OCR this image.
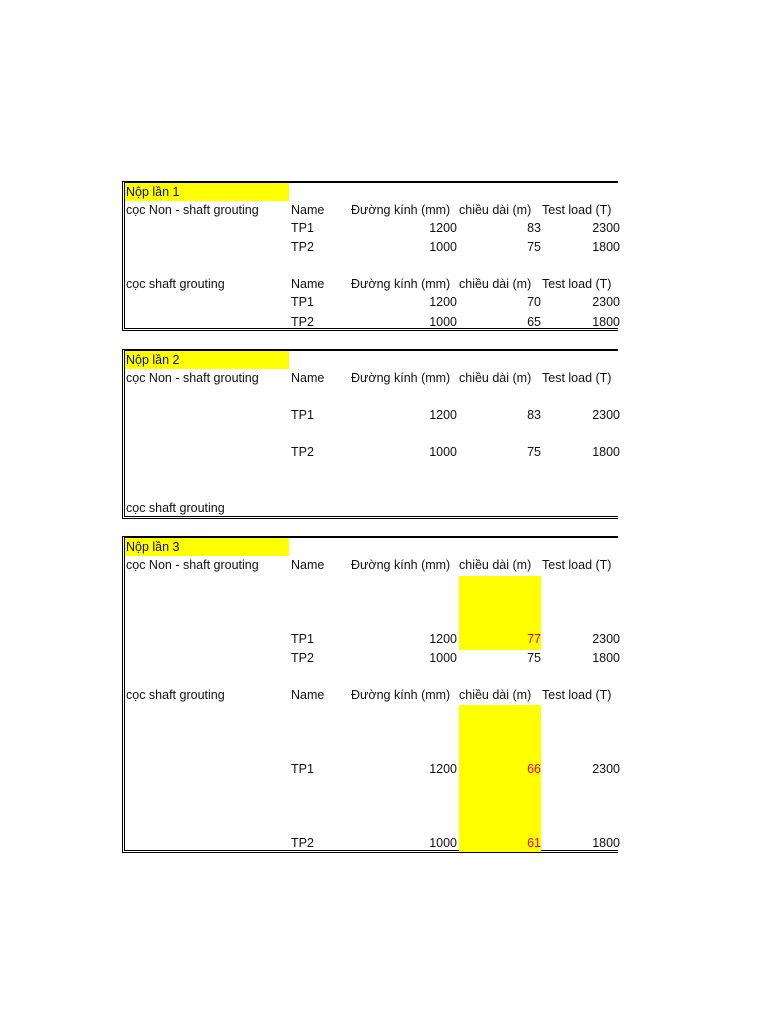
Nộp lần 1
cọc Non - shaft grouting	Name Đường kính (mm) chiều dài (m) Test load (T)
TP1	1200	83	2300
TP2	1000	75	1800
cọc shaft grouting	Name Đường kính (mm) chiều dài (m) Test load (T)
TP1	1200	70	2300
TP2	1000	65	1800
Nộp lần 2
cọc Non - shaft grouting	Name Đường kính (mm) chiều dài (m) Test load (T)
TP1	1200	83	2300
TP2	1000	75	1800
cọc shaft grouting
Nộp lần 3
cọc Non - shaft grouting	Name Đường kính (mm) chiều dài (m) Test load (T)
TP1	1200	77	2300
TP2	1000	75	1800
cọc shaft grouting	Name Đường kính (mm) chiều dài (m) Test load (T)
TP1	1200	66	2300
TP2	1000	61	1800
